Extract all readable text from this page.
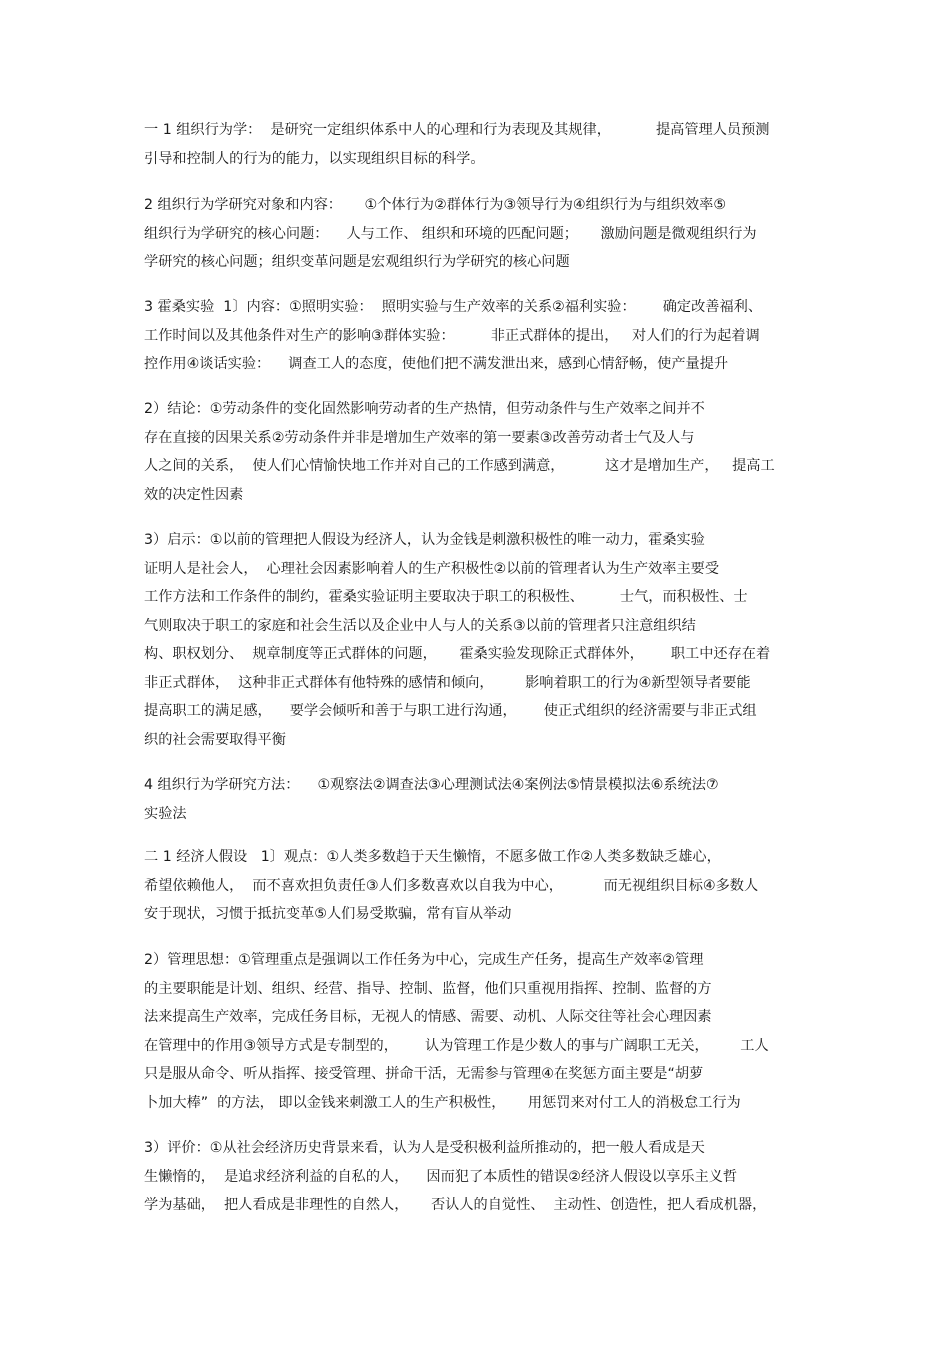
一 1 组织行为学：  是研究一定组织体系中人的心理和行为表现及其规律，          提高管理人员预测
引导和控制人的行为的能力，以实现组织目标的科学。
2 组织行为学研究对象和内容：     ①个体行为②群体行为③领导行为④组织行为与组织效率⑤
组织行为学研究的核心问题：    人与工作、 组织和环境的匹配问题；     激励问题是微观组织行为
学研究的核心问题；组织变革问题是宏观组织行为学研究的核心问题
3 霍桑实验  1〕内容：①照明实验：  照明实验与生产效率的关系②福利实验：      确定改善福利、
工作时间以及其他条件对生产的影响③群体实验：        非正式群体的提出，   对人们的行为起着调
控作用④谈话实验：    调查工人的态度，使他们把不满发泄出来，感到心情舒畅，使产量提升
2）结论：①劳动条件的变化固然影响劳动者的生产热情，但劳动条件与生产效率之间并不
存在直接的因果关系②劳动条件并非是增加生产效率的第一要素③改善劳动者士气及人与
人之间的关系，  使人们心情愉快地工作并对自己的工作感到满意，         这才是增加生产，   提高工
效的决定性因素
3）启示：①以前的管理把人假设为经济人，认为金钱是刺激积极性的唯一动力，霍桑实验
证明人是社会人，  心理社会因素影响着人的生产积极性②以前的管理者认为生产效率主要受
工作方法和工作条件的制约，霍桑实验证明主要取决于职工的积极性、        士气，而积极性、士
气则取决于职工的家庭和社会生活以及企业中人与人的关系③以前的管理者只注意组织结
构、职权划分、  规章制度等正式群体的问题，     霍桑实验发现除正式群体外，      职工中还存在着
非正式群体，  这种非正式群体有他特殊的感情和倾向，       影响着职工的行为④新型领导者要能
提高职工的满足感，    要学会倾听和善于与职工进行沟通，      使正式组织的经济需要与非正式组
织的社会需要取得平衡
4 组织行为学研究方法：    ①观察法②调查法③心理测试法④案例法⑤情景模拟法⑥系统法⑦
实验法
二 1 经济人假设   1〕观点：①人类多数趋于天生懒惰，不愿多做工作②人类多数缺乏雄心，
希望依赖他人，  而不喜欢担负责任③人们多数喜欢以自我为中心，         而无视组织目标④多数人
安于现状，习惯于抵抗变革⑤人们易受欺骗，常有盲从举动
2）管理思想：①管理重点是强调以工作任务为中心，完成生产任务，提高生产效率②管理
的主要职能是计划、组织、经营、指导、控制、监督，他们只重视用指挥、控制、监督的方
法来提高生产效率，完成任务目标，无视人的情感、需要、动机、人际交往等社会心理因素
在管理中的作用③领导方式是专制型的，      认为管理工作是少数人的事与广阔职工无关，       工人
只是服从命令、听从指挥、接受管理、拼命干活，无需参与管理④在奖惩方面主要是“胡萝
卜加大棒”  的方法， 即以金钱来刺激工人的生产积极性，     用惩罚来对付工人的消极怠工行为
3）评价：①从社会经济历史背景来看，认为人是受积极利益所推动的，把一般人看成是天
生懒惰的，  是追求经济利益的自私的人，    因而犯了本质性的错误②经济人假设以享乐主义哲
学为基础，  把人看成是非理性的自然人，     否认人的自觉性、  主动性、创造性，把人看成机器，
